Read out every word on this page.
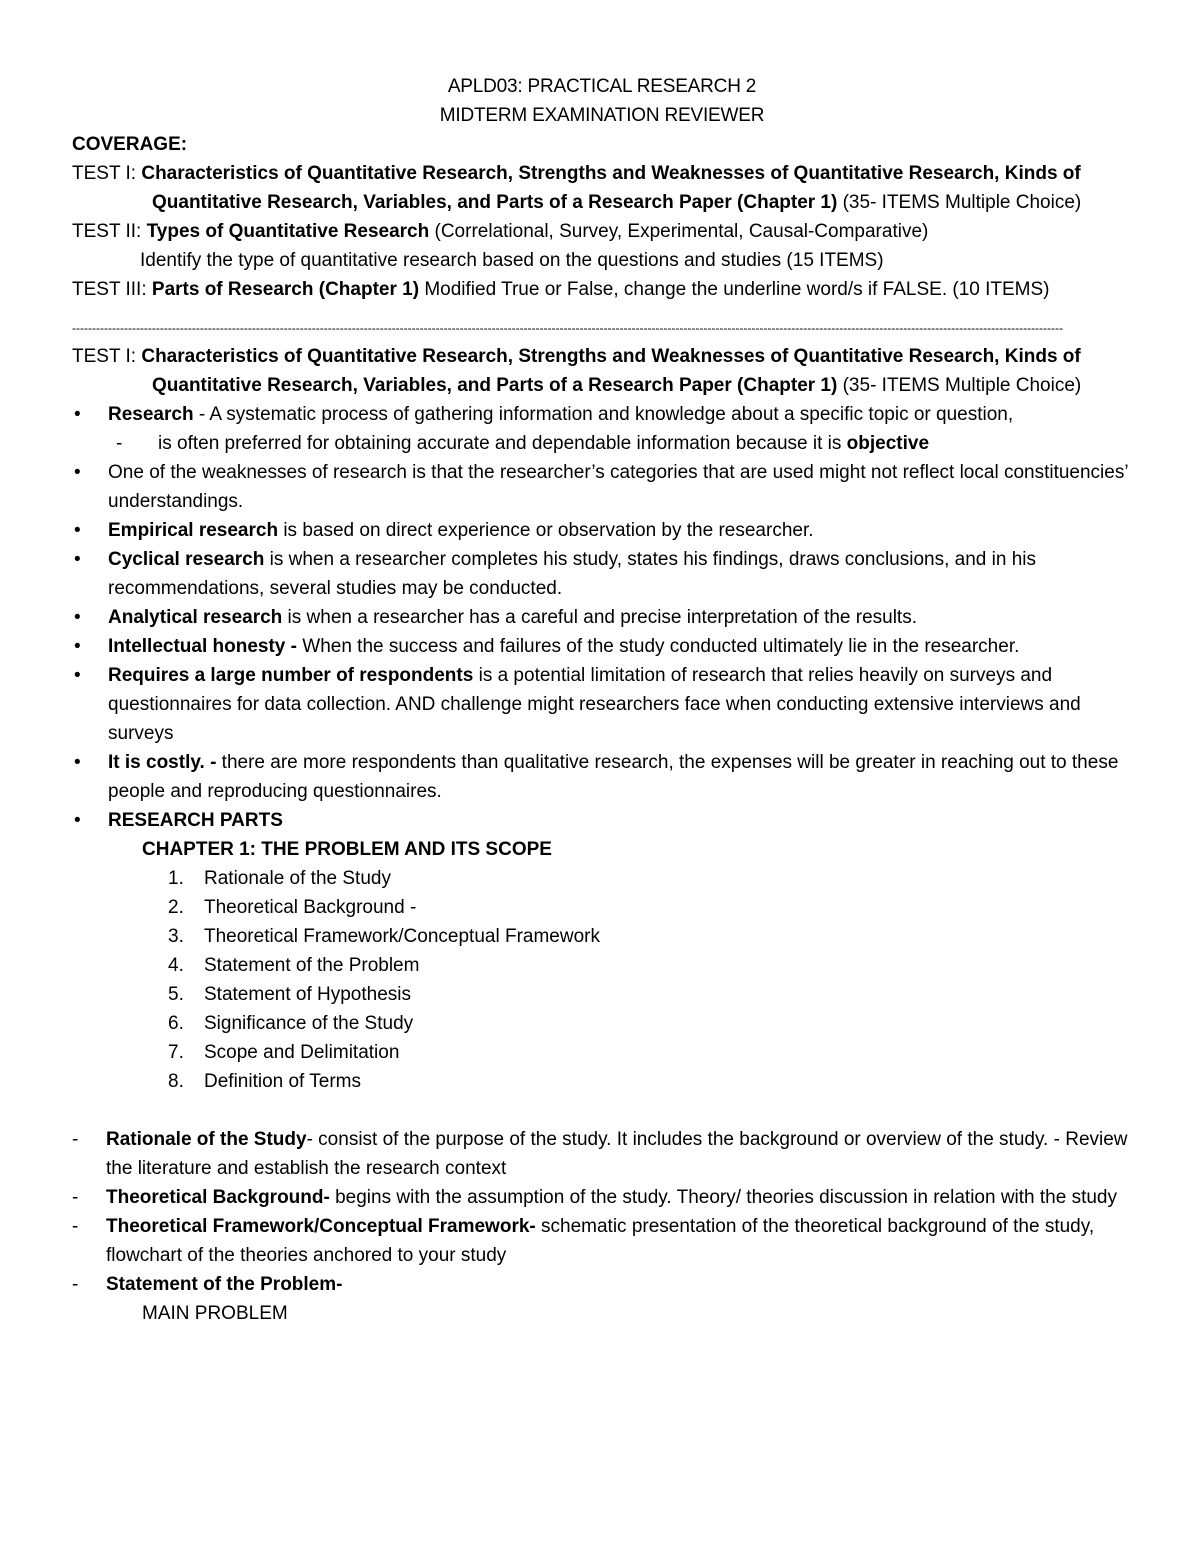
APLD03: PRACTICAL RESEARCH 2
MIDTERM EXAMINATION REVIEWER
COVERAGE:
TEST I: Characteristics of Quantitative Research, Strengths and Weaknesses of Quantitative Research, Kinds of Quantitative Research, Variables, and Parts of a Research Paper (Chapter 1) (35- ITEMS Multiple Choice)
TEST II: Types of Quantitative Research (Correlational, Survey, Experimental, Causal-Comparative)
Identify the type of quantitative research based on the questions and studies (15 ITEMS)
TEST III: Parts of Research (Chapter 1) Modified True or False, change the underline word/s if FALSE. (10 ITEMS)
--------------------------------------------------------------------------------------------------------------------------------------------------------------------------------------------------------------------------------------------------------
TEST I: Characteristics of Quantitative Research, Strengths and Weaknesses of Quantitative Research, Kinds of Quantitative Research, Variables, and Parts of a Research Paper (Chapter 1) (35- ITEMS Multiple Choice)
•	Research - A systematic process of gathering information and knowledge about a specific topic or question,
-	is often preferred for obtaining accurate and dependable information because it is objective
•	One of the weaknesses of research is that the researcher’s categories that are used might not reflect local constituencies’ understandings.
•	Empirical research is based on direct experience or observation by the researcher.
•	Cyclical research is when a researcher completes his study, states his findings, draws conclusions, and in his recommendations, several studies may be conducted.
•	Analytical research is when a researcher has a careful and precise interpretation of the results.
•	Intellectual honesty - When the success and failures of the study conducted ultimately lie in the researcher.
•	Requires a large number of respondents is a potential limitation of research that relies heavily on surveys and questionnaires for data collection. AND challenge might researchers face when conducting extensive interviews and surveys
•	It is costly. - there are more respondents than qualitative research, the expenses will be greater in reaching out to these people and reproducing questionnaires.
•	RESEARCH PARTS
CHAPTER 1: THE PROBLEM AND ITS SCOPE
1.	Rationale of the Study
2.	Theoretical Background -
3.	Theoretical Framework/Conceptual Framework
4.	Statement of the Problem
5.	Statement of Hypothesis
6.	Significance of the Study
7.	Scope and Delimitation
8.	Definition of Terms
-	Rationale of the Study- consist of the purpose of the study. It includes the background or overview of the study. - Review the literature and establish the research context
-	Theoretical Background- begins with the assumption of the study. Theory/ theories discussion in relation with the study
-	Theoretical Framework/Conceptual Framework- schematic presentation of the theoretical background of the study, flowchart of the theories anchored to your study
-	Statement of the Problem-
MAIN PROBLEM
